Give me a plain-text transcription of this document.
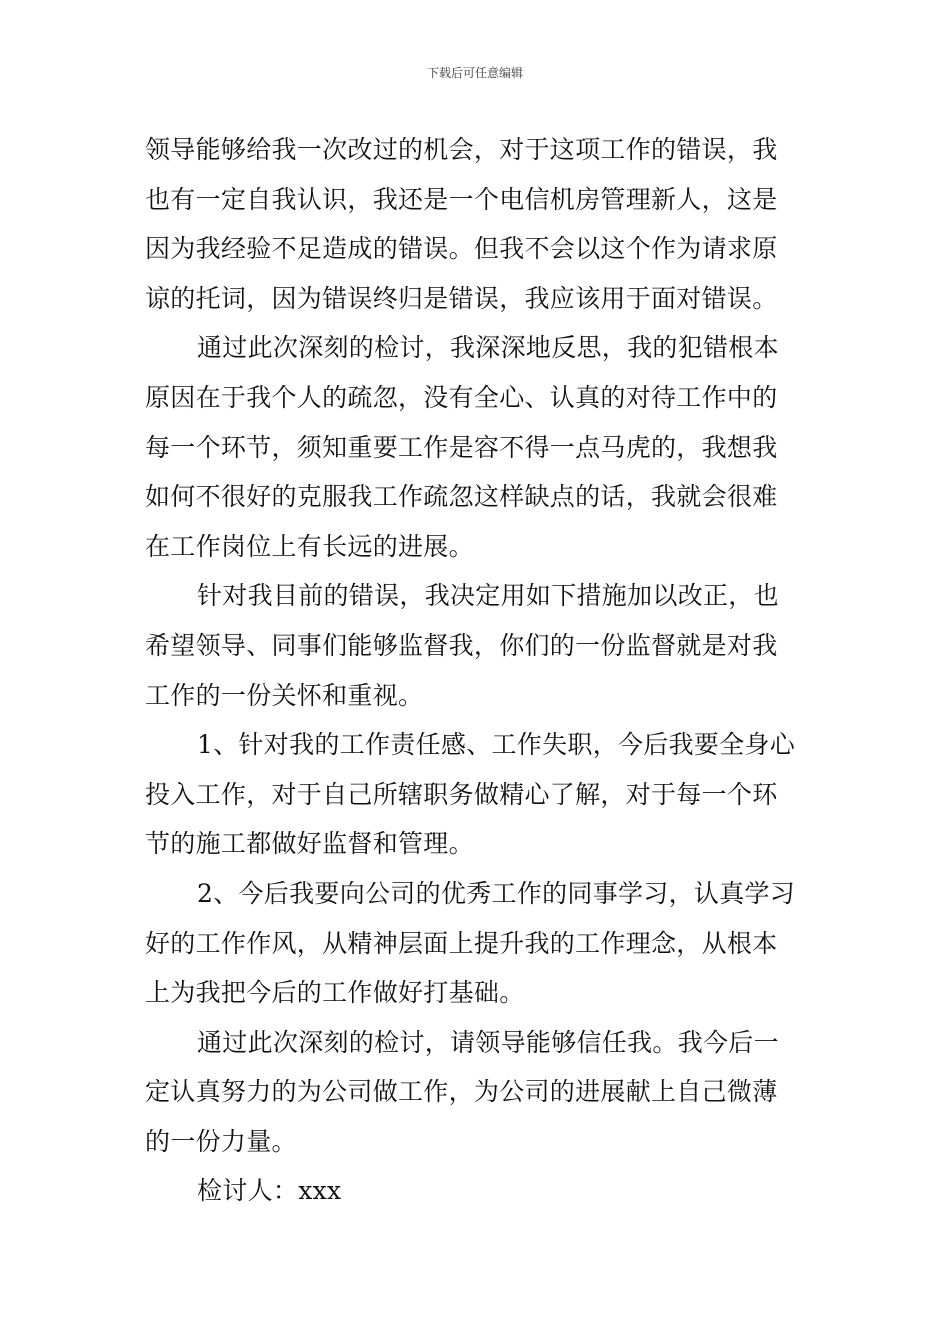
下载后可任意编辑
领导能够给我一次改过的机会，对于这项工作的错误，我
也有一定自我认识，我还是一个电信机房管理新人，这是
因为我经验不足造成的错误。但我不会以这个作为请求原
谅的托词，因为错误终归是错误，我应该用于面对错误。
通过此次深刻的检讨，我深深地反思，我的犯错根本
原因在于我个人的疏忽，没有全心、认真的对待工作中的
每一个环节，须知重要工作是容不得一点马虎的，我想我
如何不很好的克服我工作疏忽这样缺点的话，我就会很难
在工作岗位上有长远的进展。
针对我目前的错误，我决定用如下措施加以改正，也
希望领导、同事们能够监督我，你们的一份监督就是对我
工作的一份关怀和重视。
1、针对我的工作责任感、工作失职，今后我要全身心
投入工作，对于自己所辖职务做精心了解，对于每一个环
节的施工都做好监督和管理。
2、今后我要向公司的优秀工作的同事学习，认真学习
好的工作作风，从精神层面上提升我的工作理念，从根本
上为我把今后的工作做好打基础。
通过此次深刻的检讨，请领导能够信任我。我今后一
定认真努力的为公司做工作，为公司的进展献上自己微薄
的一份力量。
检讨人：xxx
